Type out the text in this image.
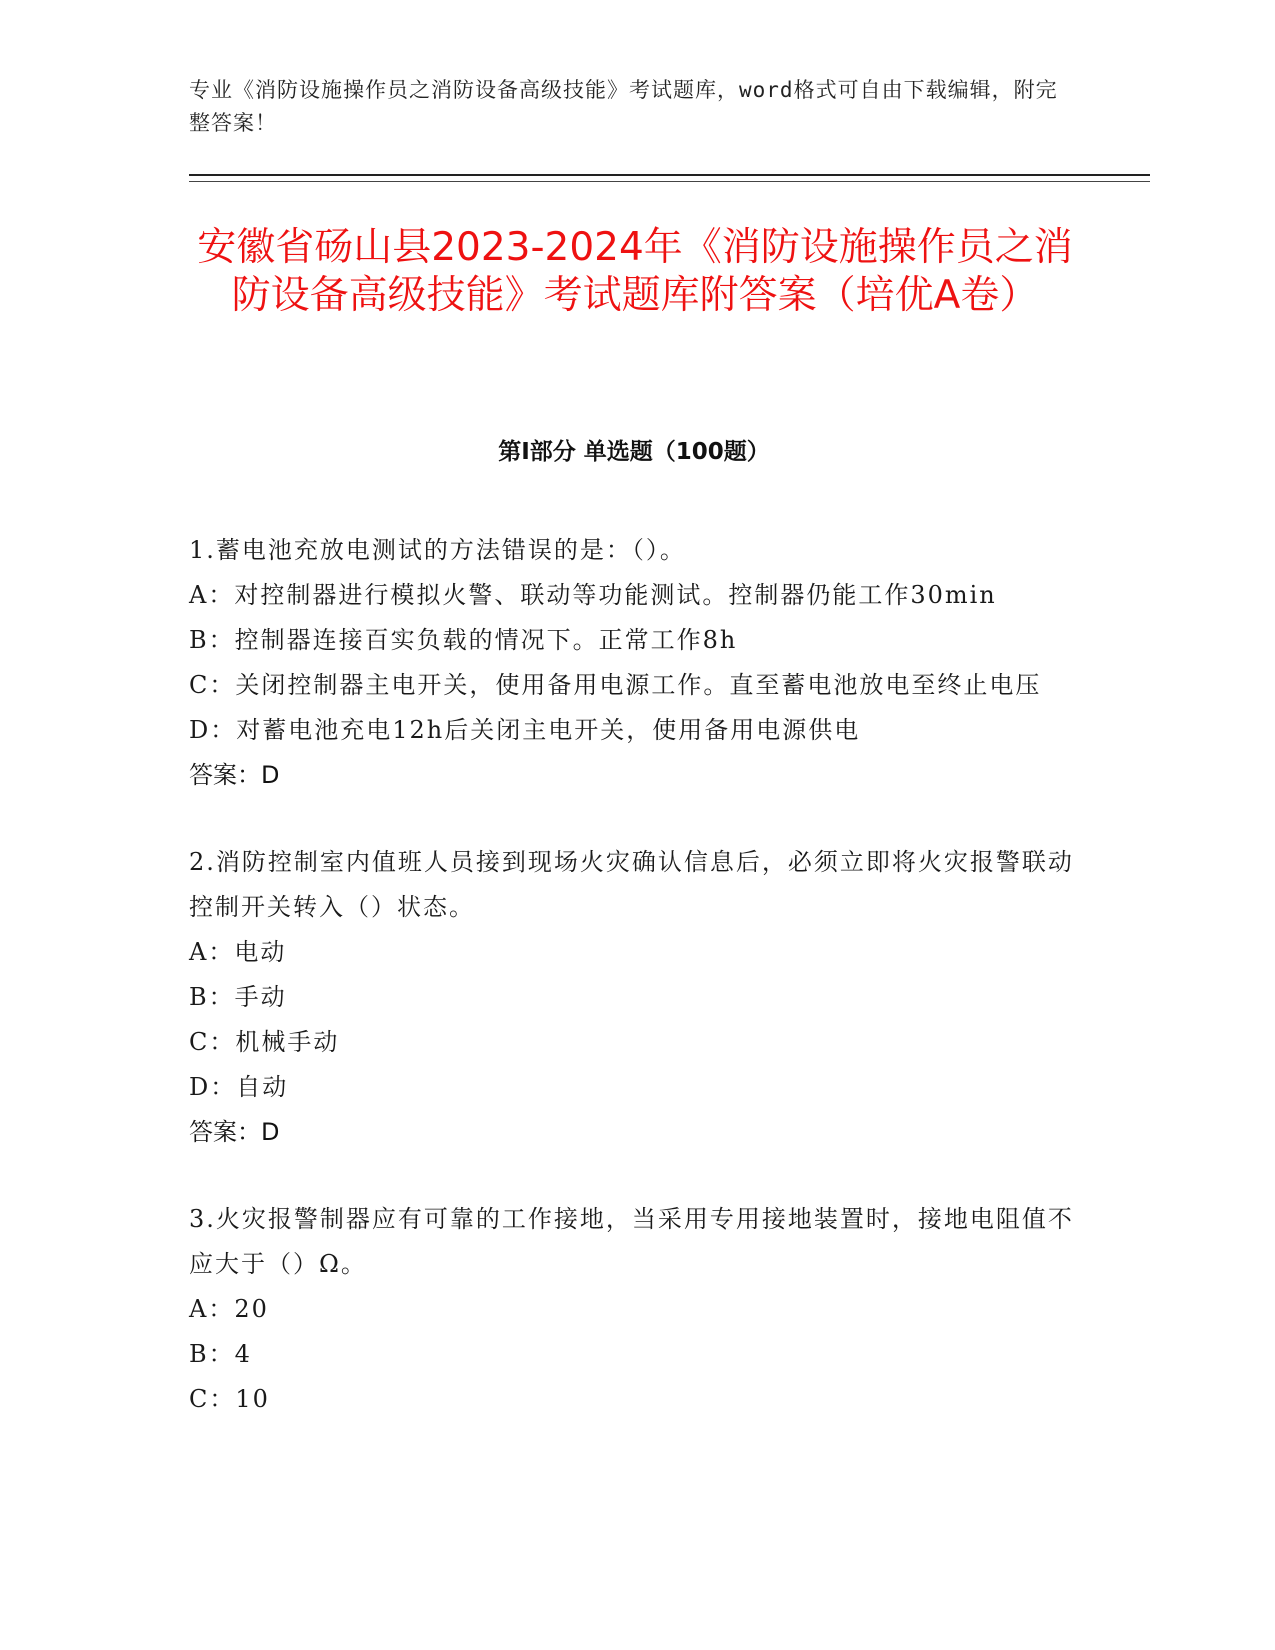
专业《消防设施操作员之消防设备高级技能》考试题库，word格式可自由下载编辑，附完整答案！
安徽省砀山县2023-2024年《消防设施操作员之消防设备高级技能》考试题库附答案（培优A卷）
第I部分 单选题（100题）
1.蓄电池充放电测试的方法错误的是：（）。
A：对控制器进行模拟火警、联动等功能测试。控制器仍能工作30min
B：控制器连接百实负载的情况下。正常工作8h
C：关闭控制器主电开关，使用备用电源工作。直至蓄电池放电至终止电压
D：对蓄电池充电12h后关闭主电开关，使用备用电源供电
答案：D
2.消防控制室内值班人员接到现场火灾确认信息后，必须立即将火灾报警联动控制开关转入（）状态。
A：电动
B：手动
C：机械手动
D：自动
答案：D
3.火灾报警制器应有可靠的工作接地，当采用专用接地装置时，接地电阻值不应大于（）Ω。
A：20
B：4
C：10
